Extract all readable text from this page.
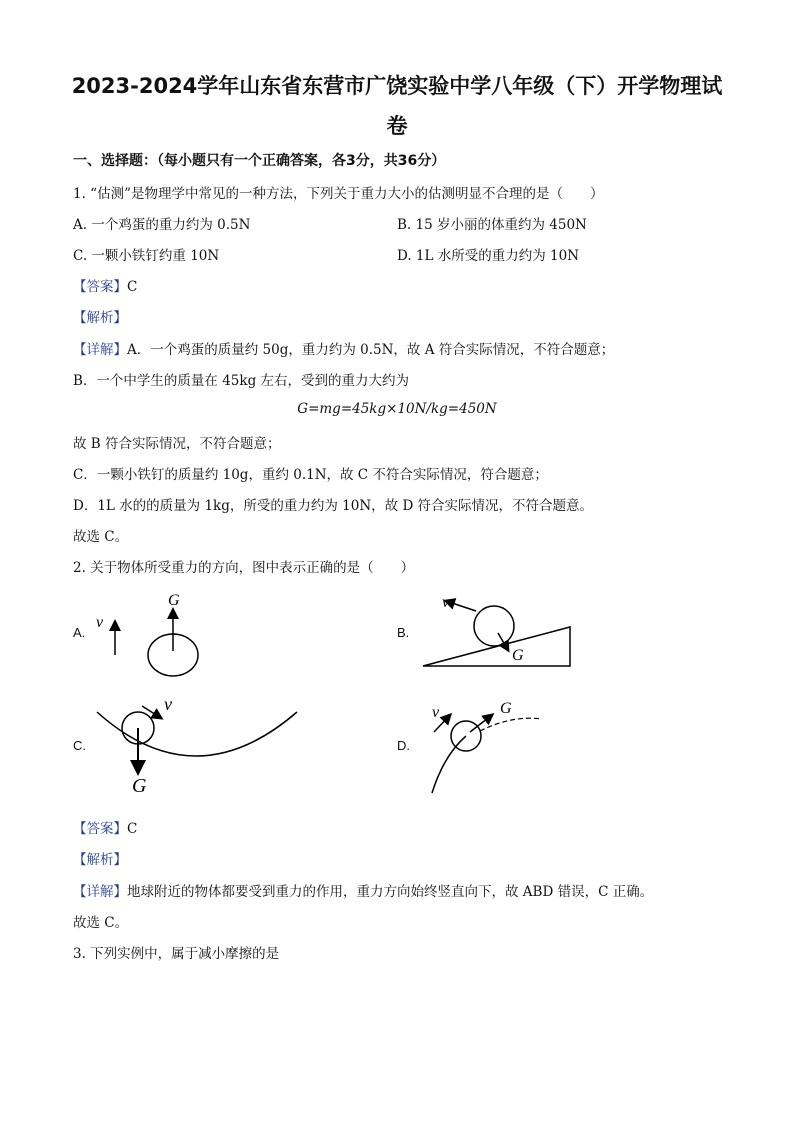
2023-2024学年山东省东营市广饶实验中学八年级（下）开学物理试
卷
一、选择题：（每小题只有一个正确答案，各3分，共36分）
1. “估测”是物理学中常见的一种方法，下列关于重力大小的估测明显不合理的是（　　）
A. 一个鸡蛋的重力约为 0.5N	B. 15 岁小丽的体重约为 450N
C. 一颗小铁钉约重 10N	D. 1L 水所受的重力约为 10N
【答案】C
【解析】
【详解】A．一个鸡蛋的质量约 50g，重力约为 0.5N，故 A 符合实际情况，不符合题意；
B．一个中学生的质量在 45kg 左右，受到的重力大约为
G=mg=45kg×10N/kg=450N
故 B 符合实际情况，不符合题意；
C．一颗小铁钉的质量约 10g，重约 0.1N，故 C 不符合实际情况，符合题意；
D．1L 水的的质量为 1kg，所受的重力约为 10N，故 D 符合实际情况，不符合题意。
故选 C。
2. 关于物体所受重力的方向，图中表示正确的是（　　）
A.	B.
C.	D.
v
G	v
G
G
v	G
v
【答案】C
【解析】
【详解】地球附近的物体都要受到重力的作用，重力方向始终竖直向下，故 ABD 错误，C 正确。
故选 C。
3. 下列实例中，属于减小摩擦的是
